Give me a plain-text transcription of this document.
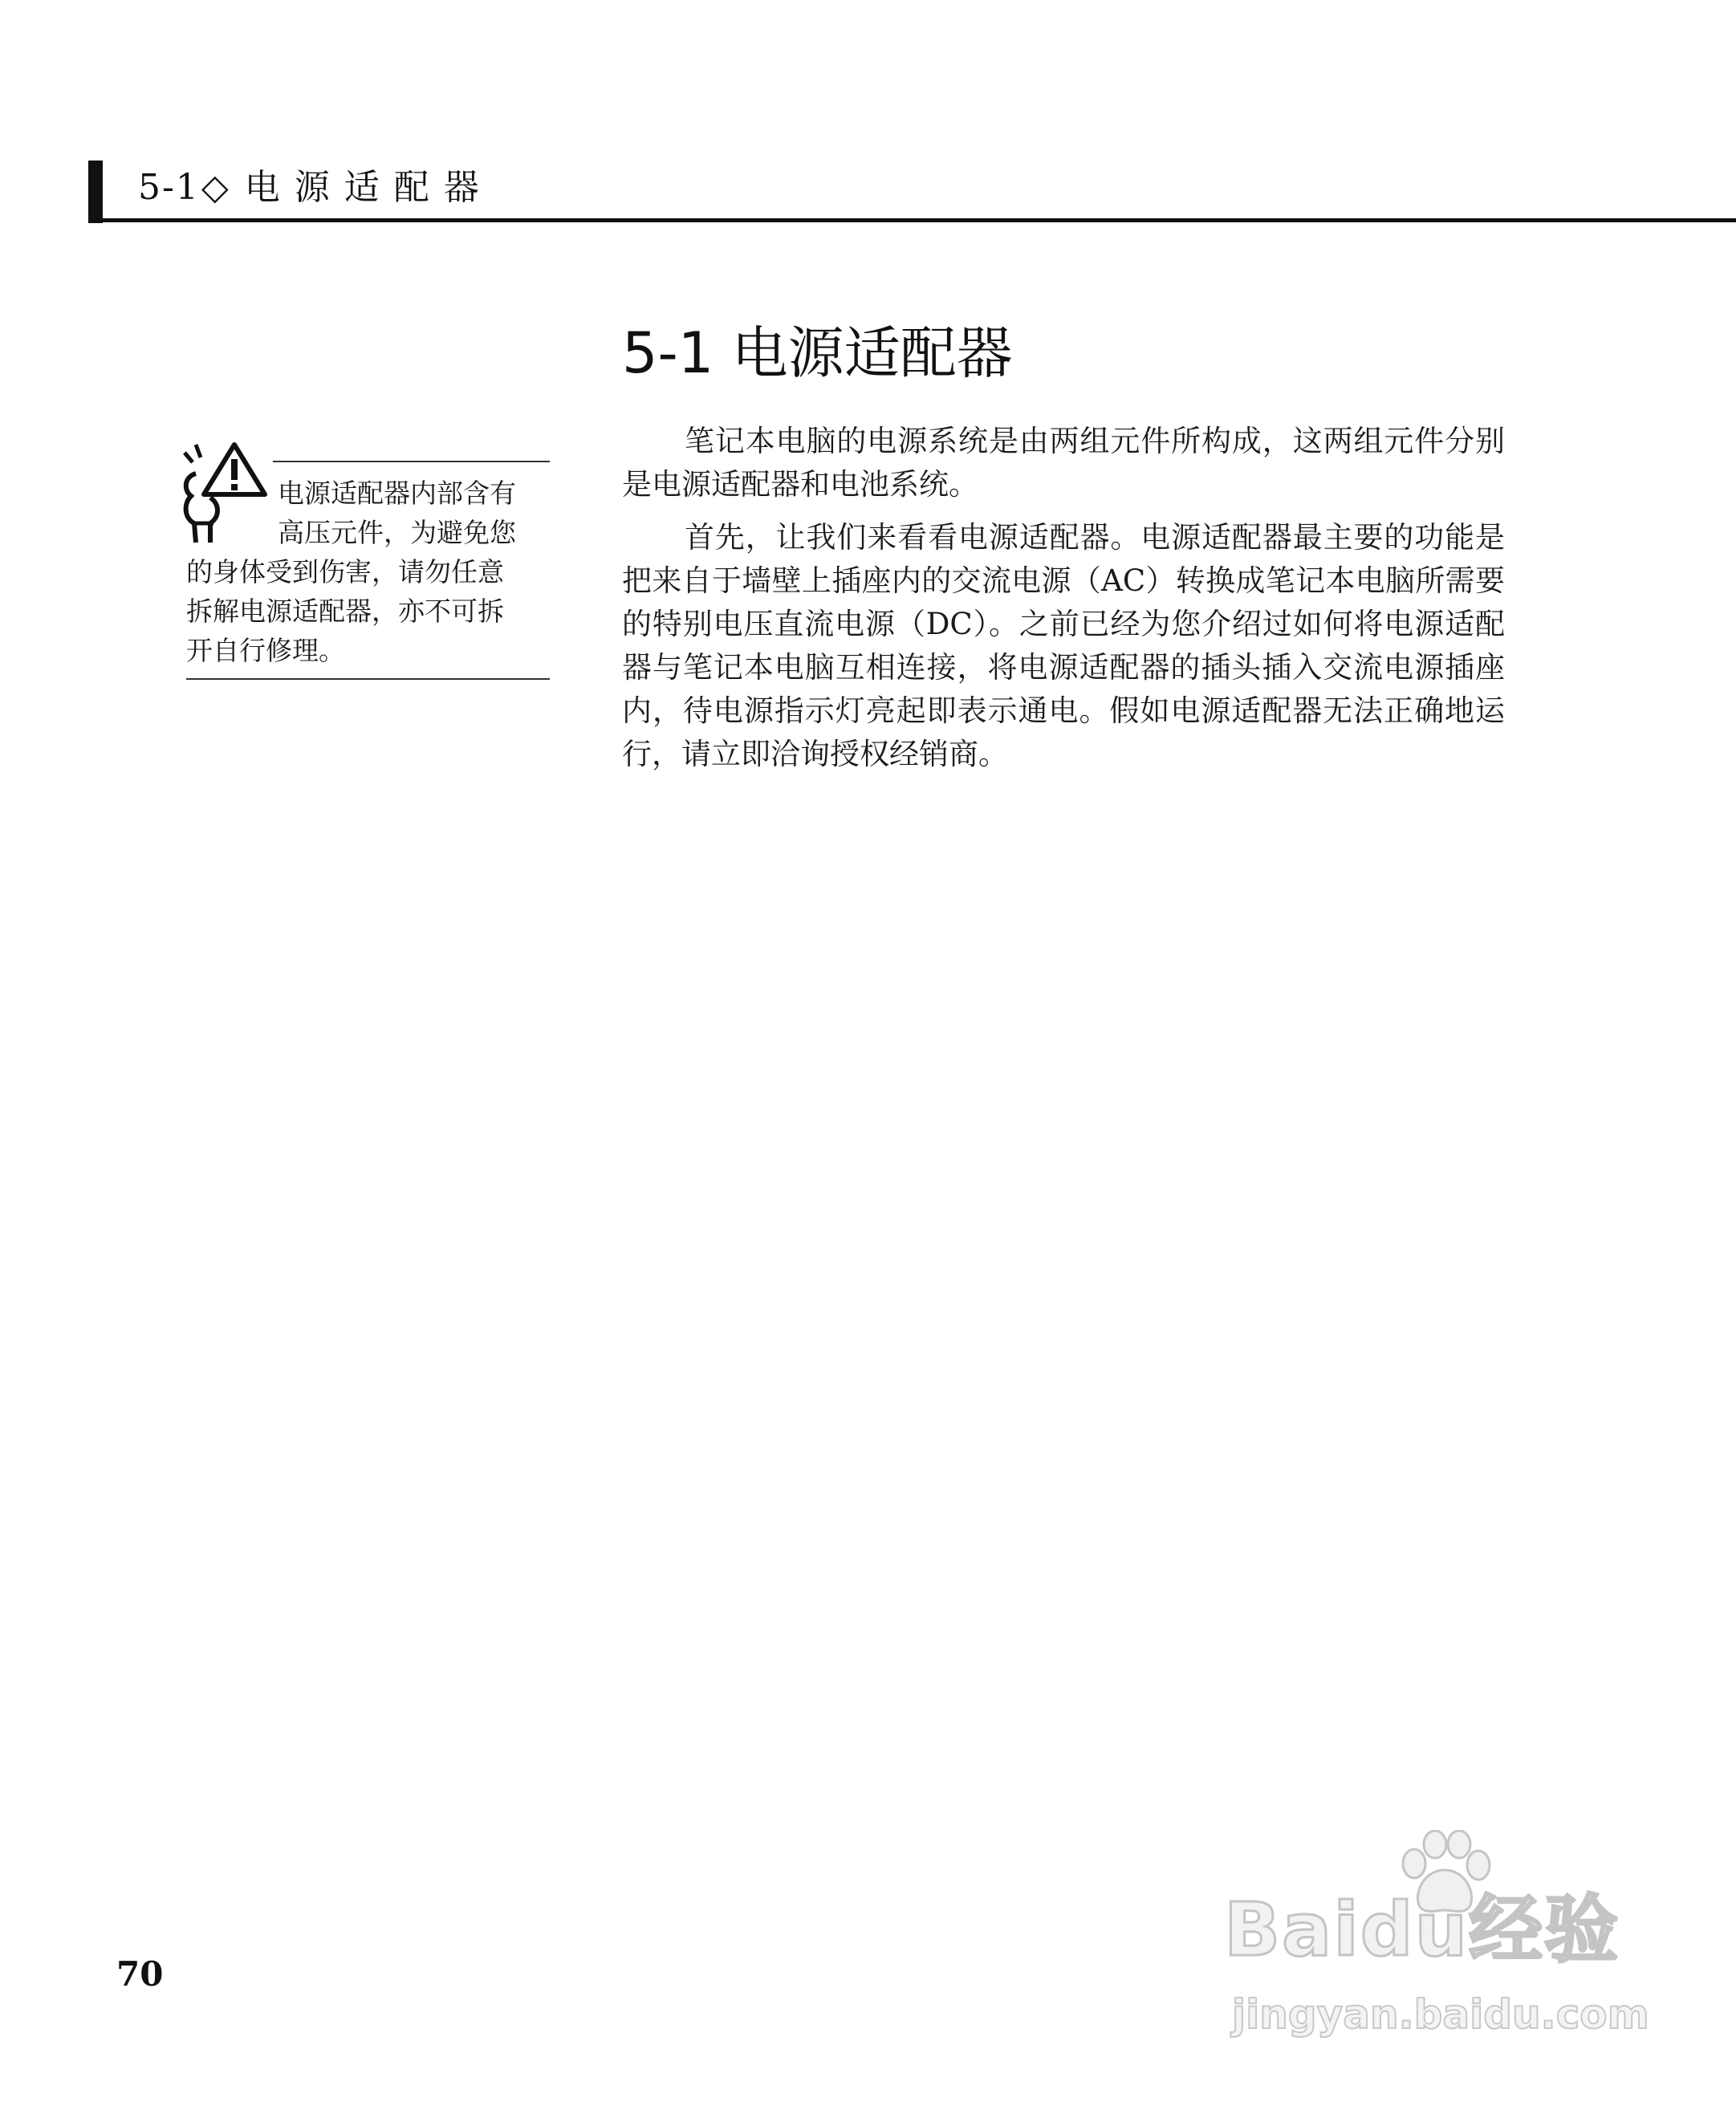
5-1◇ 电源适配器
5-1 电源适配器

笔记本电脑的电源系统是由两组元件所构成，这两组元件分别是电源适配器和电池系统。

首先，让我们来看看电源适配器。电源适配器最主要的功能是把来自于墙壁上插座内的交流电源（AC）转换成笔记本电脑所需要的特别电压直流电源（DC）。之前已经为您介绍过如何将电源适配器与笔记本电脑互相连接，将电源适配器的插头插入交流电源插座内，待电源指示灯亮起即表示通电。假如电源适配器无法正确地运行，请立即洽询授权经销商。

电源适配器内部含有
高压元件，为避免您
的身体受到伤害，请勿任意
拆解电源适配器，亦不可拆
开自行修理。
70
Baidu经验
jingyan.baidu.com
